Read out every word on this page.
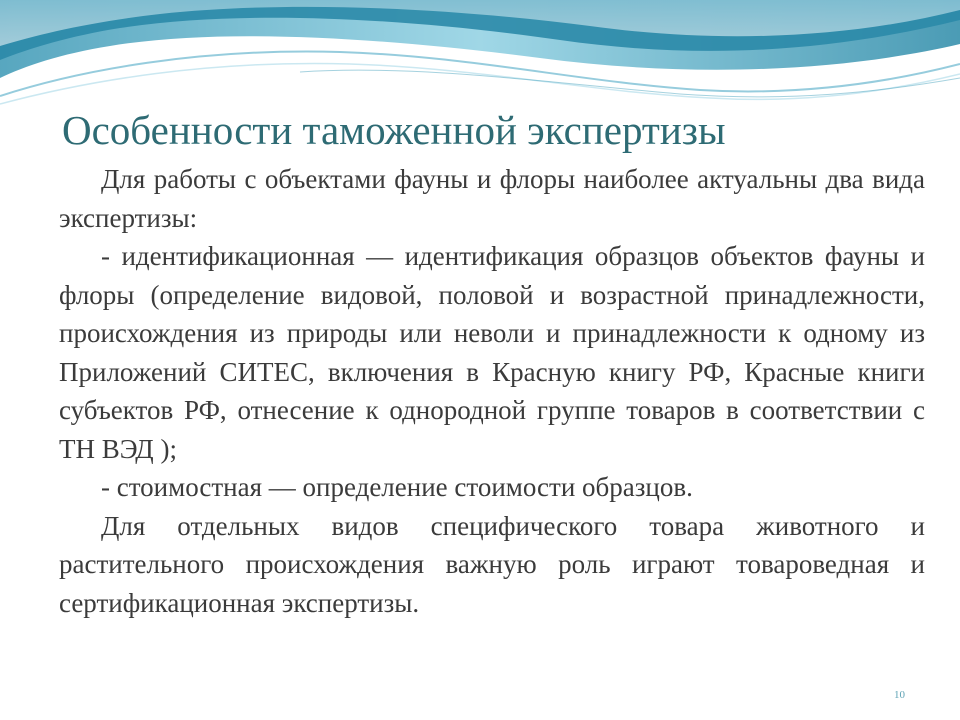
Особенности таможенной экспертизы

Для работы с объектами фауны и флоры наиболее актуальны два вида экспертизы:

- идентификационная — идентификация образцов объектов фауны и флоры (определение видовой, половой и возрастной принадлежности, происхождения из природы или неволи и принадлежности к одному из Приложений СИТЕС, включения в Красную книгу РФ, Красные книги субъектов РФ, отнесение к однородной группе товаров в соответствии с ТН ВЭД );

- стоимостная — определение стоимости образцов.

Для отдельных видов специфического товара животного и растительного происхождения важную роль играют товароведная и сертификационная экспертизы.

10
